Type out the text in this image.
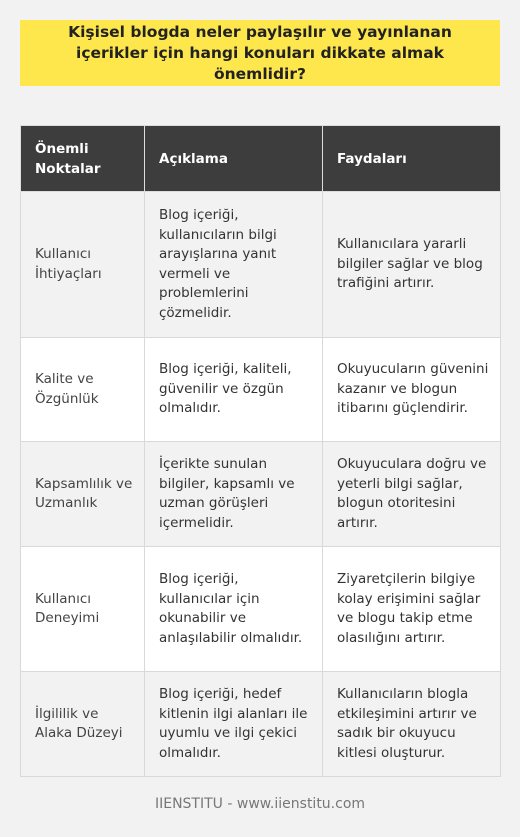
Kişisel blogda neler paylaşılır ve yayınlanan içerikler için hangi konuları dikkate almak önemlidir?
Önemli Noktalar	Açıklama	Faydaları
Kullanıcı İhtiyaçları	Blog içeriği, kullanıcıların bilgi arayışlarına yanıt vermeli ve problemlerini çözmelidir.	Kullanıcılara yararli bilgiler sağlar ve blog trafiğini artırır.
Kalite ve Özgünlük	Blog içeriği, kaliteli, güvenilir ve özgün olmalıdır.	Okuyucuların güvenini kazanır ve blogun itibarını güçlendirir.
Kapsamlılık ve Uzmanlık	İçerikte sunulan bilgiler, kapsamlı ve uzman görüşleri içermelidir.	Okuyuculara doğru ve yeterli bilgi sağlar, blogun otoritesini artırır.
Kullanıcı Deneyimi	Blog içeriği, kullanıcılar için okunabilir ve anlaşılabilir olmalıdır.	Ziyaretçilerin bilgiye kolay erişimini sağlar ve blogu takip etme olasılığını artırır.
İlgililik ve Alaka Düzeyi	Blog içeriği, hedef kitlenin ilgi alanları ile uyumlu ve ilgi çekici olmalıdır.	Kullanıcıların blogla etkileşimini artırır ve sadık bir okuyucu kitlesi oluşturur.
IIENSTITU - www.iienstitu.com
